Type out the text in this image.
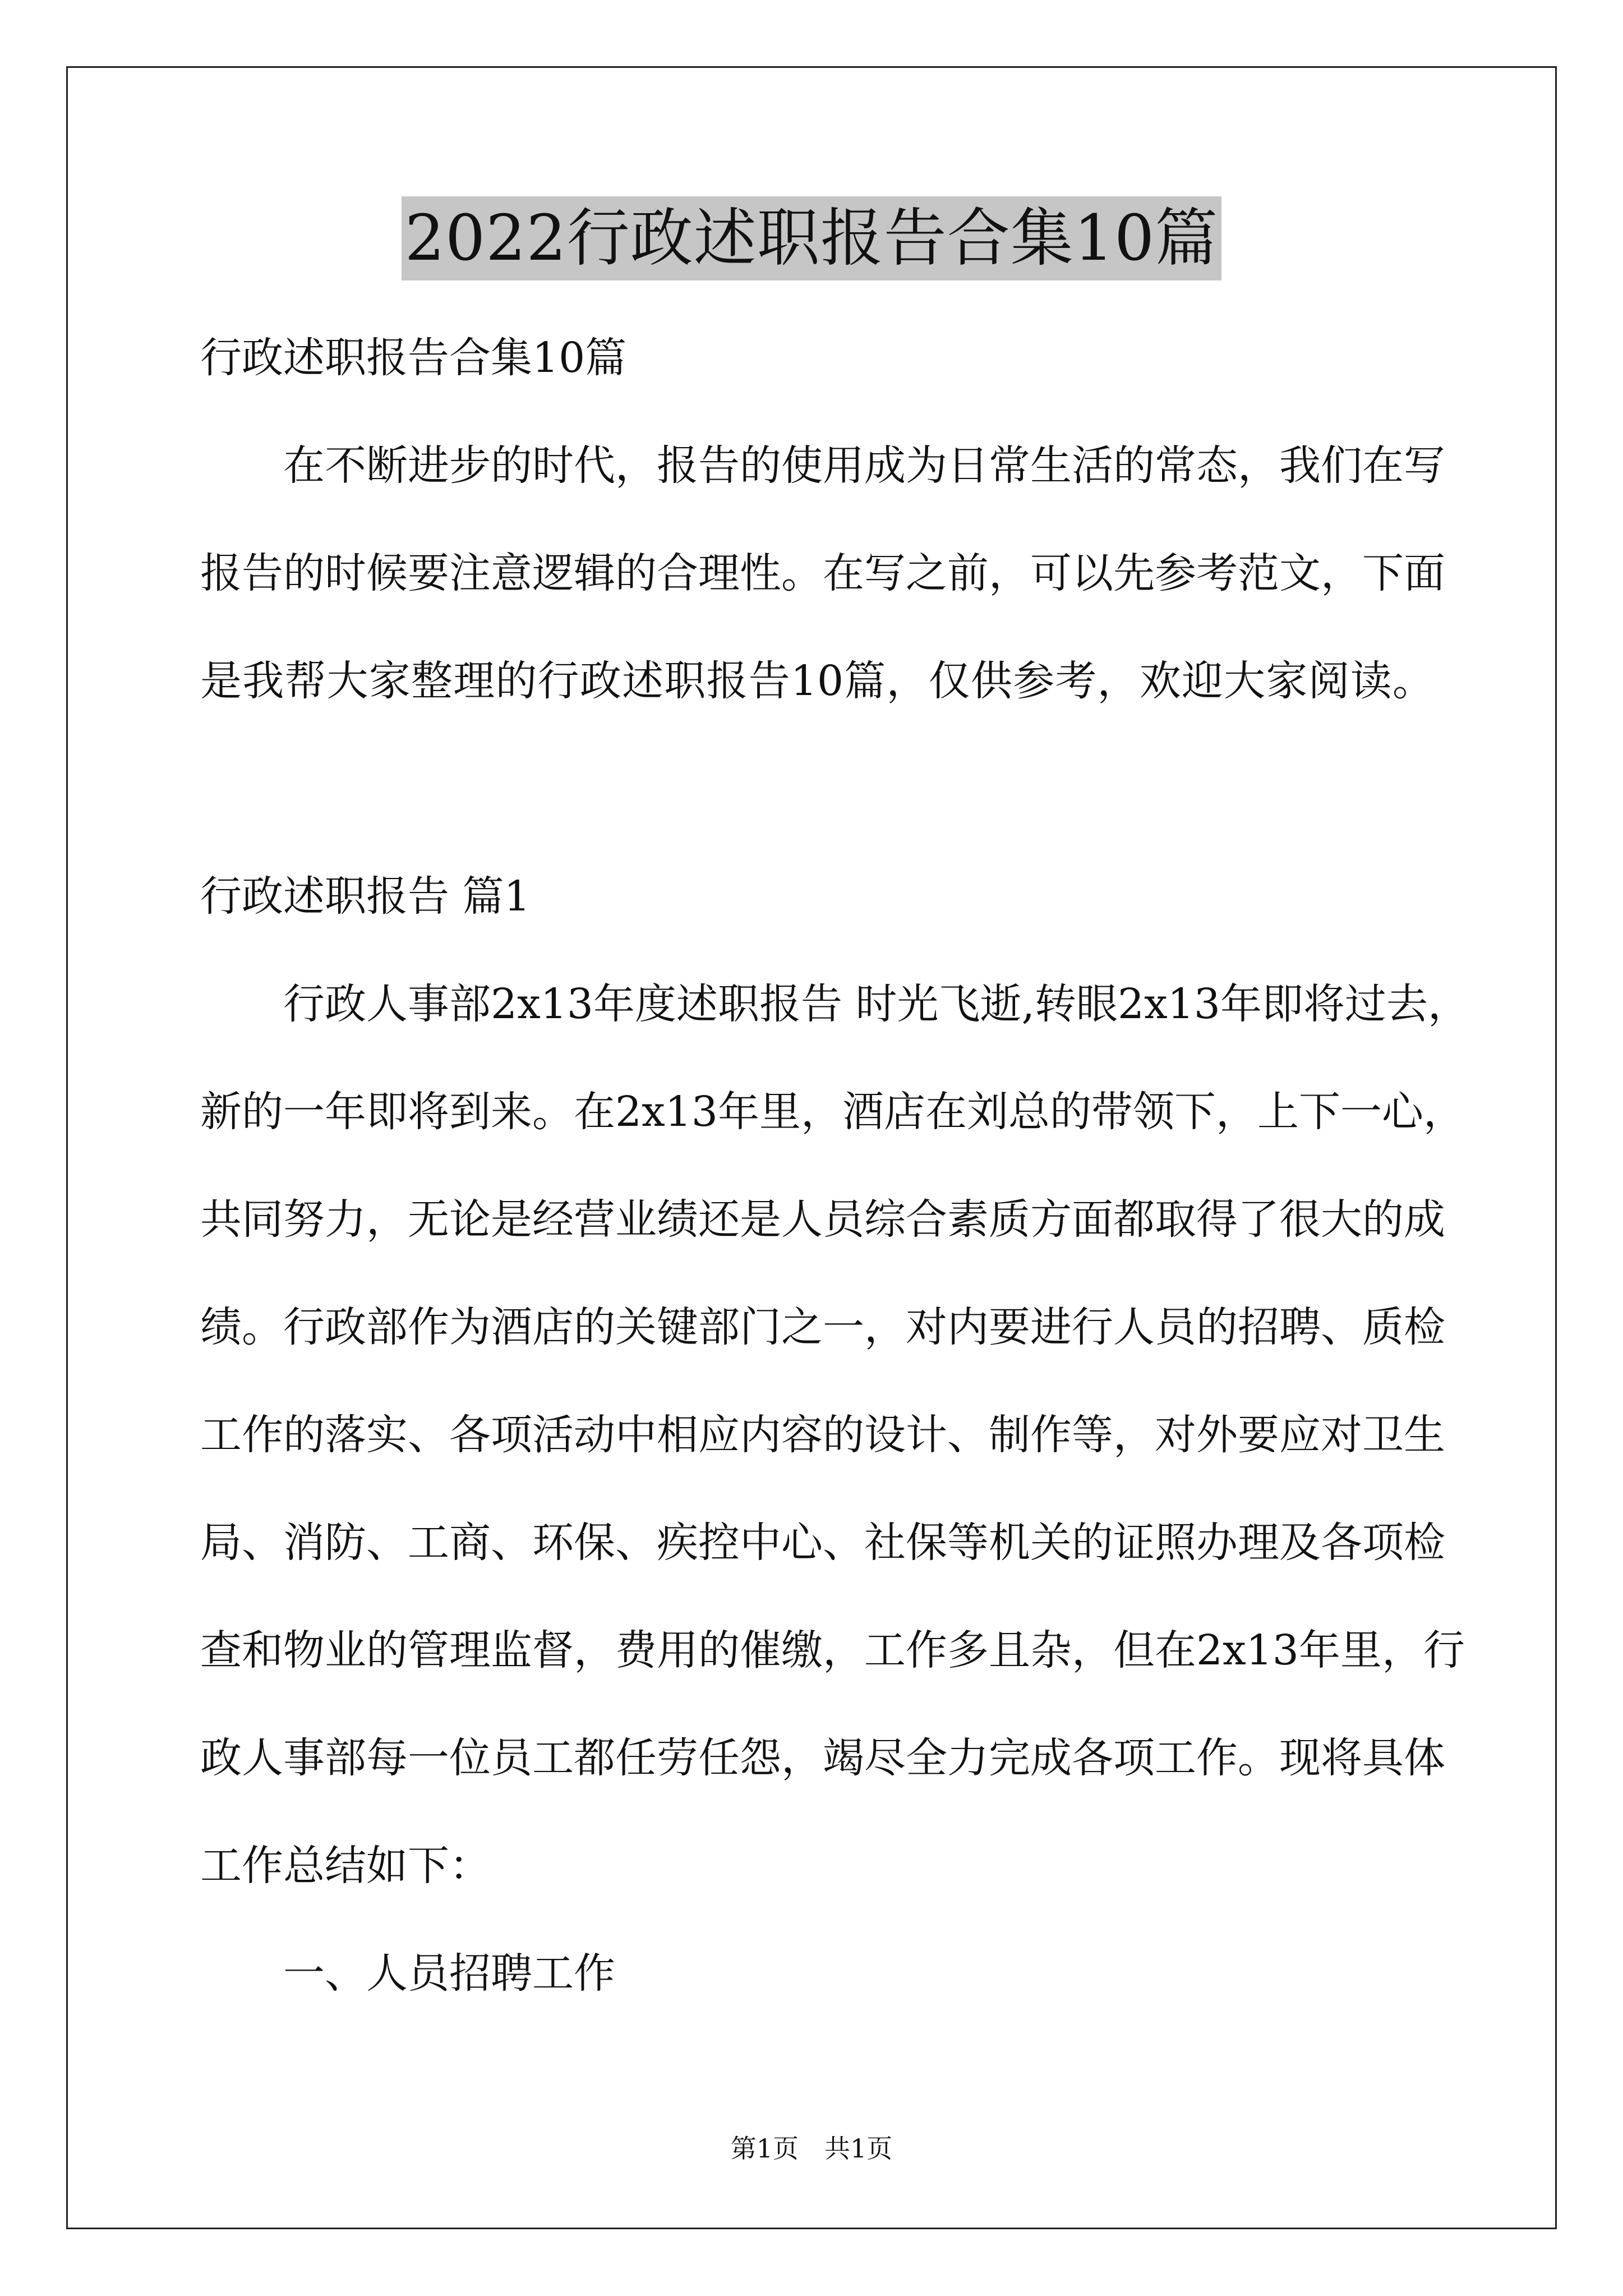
2022行政述职报告合集10篇
行政述职报告合集10篇
在不断进步的时代，报告的使用成为日常生活的常态，我们在写
报告的时候要注意逻辑的合理性。在写之前，可以先参考范文，下面
是我帮大家整理的行政述职报告10篇，仅供参考，欢迎大家阅读。
行政述职报告 篇1
行政人事部2x13年度述职报告 时光飞逝,转眼2x13年即将过去，
新的一年即将到来。在2x13年里，酒店在刘总的带领下，上下一心，
共同努力，无论是经营业绩还是人员综合素质方面都取得了很大的成
绩。行政部作为酒店的关键部门之一，对内要进行人员的招聘、质检
工作的落实、各项活动中相应内容的设计、制作等，对外要应对卫生
局、消防、工商、环保、疾控中心、社保等机关的证照办理及各项检
查和物业的管理监督，费用的催缴，工作多且杂，但在2x13年里，行
政人事部每一位员工都任劳任怨，竭尽全力完成各项工作。现将具体
工作总结如下：
一、人员招聘工作
第1页 共1页
